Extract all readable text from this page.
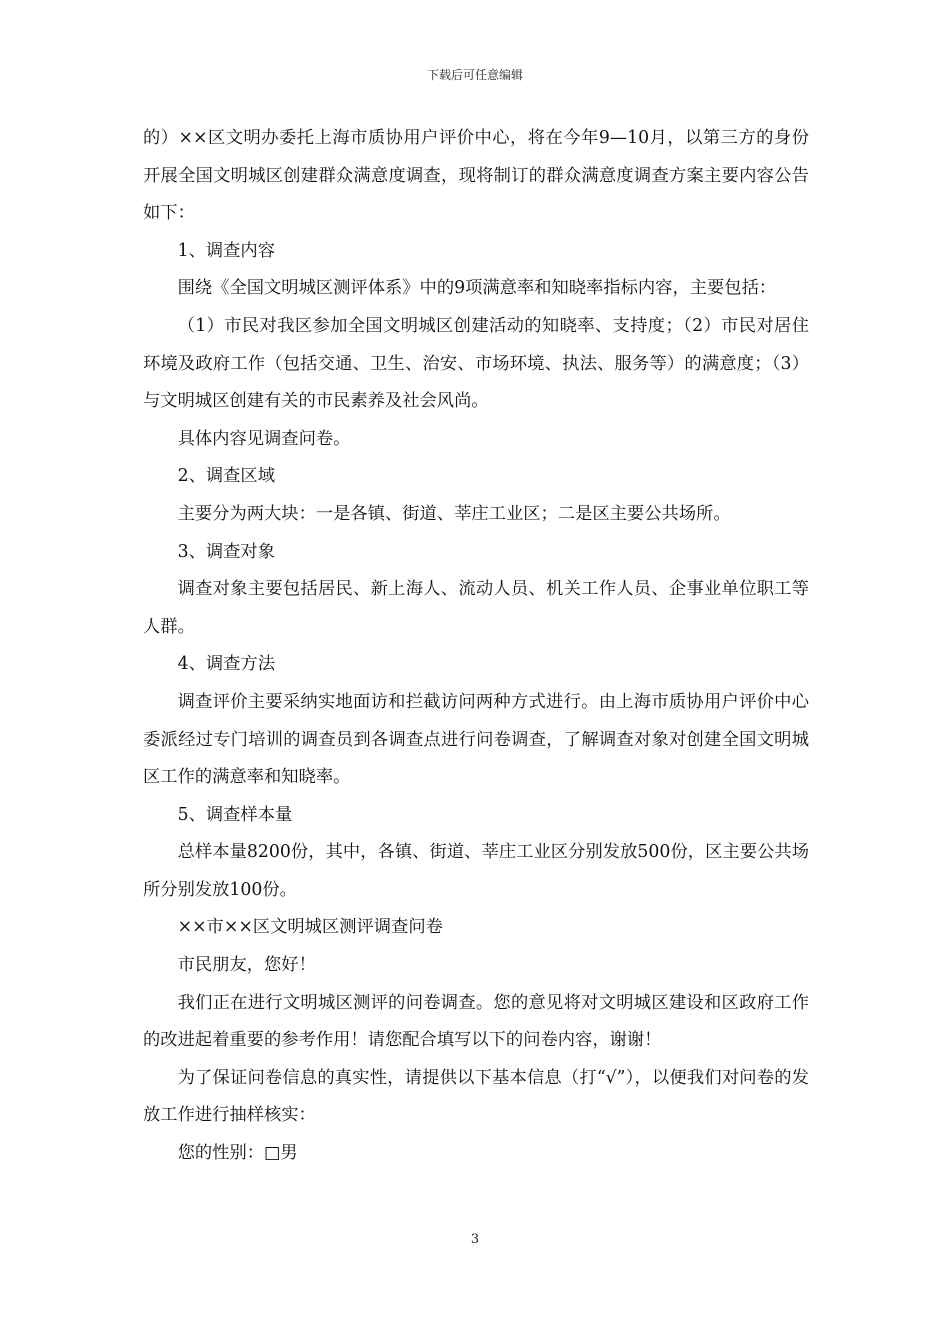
下载后可任意编辑

的）××区文明办委托上海市质协用户评价中心，将在今年9—10月，以第三方的身份开展全国文明城区创建群众满意度调查，现将制订的群众满意度调查方案主要内容公告如下：

1、调查内容

围绕《全国文明城区测评体系》中的9项满意率和知晓率指标内容，主要包括：

（1）市民对我区参加全国文明城区创建活动的知晓率、支持度；（2）市民对居住环境及政府工作（包括交通、卫生、治安、市场环境、执法、服务等）的满意度；（3）与文明城区创建有关的市民素养及社会风尚。

具体内容见调查问卷。

2、调查区域

主要分为两大块：一是各镇、街道、莘庄工业区；二是区主要公共场所。

3、调查对象

调查对象主要包括居民、新上海人、流动人员、机关工作人员、企事业单位职工等人群。

4、调查方法

调查评价主要采纳实地面访和拦截访问两种方式进行。由上海市质协用户评价中心委派经过专门培训的调查员到各调查点进行问卷调查，了解调查对象对创建全国文明城区工作的满意率和知晓率。

5、调查样本量

总样本量8200份，其中，各镇、街道、莘庄工业区分别发放500份，区主要公共场所分别发放100份。

××市××区文明城区测评调查问卷

市民朋友，您好！

我们正在进行文明城区测评的问卷调查。您的意见将对文明城区建设和区政府工作的改进起着重要的参考作用！请您配合填写以下的问卷内容，谢谢！

为了保证问卷信息的真实性，请提供以下基本信息（打“√”），以便我们对问卷的发放工作进行抽样核实：

您的性别：□男

3
